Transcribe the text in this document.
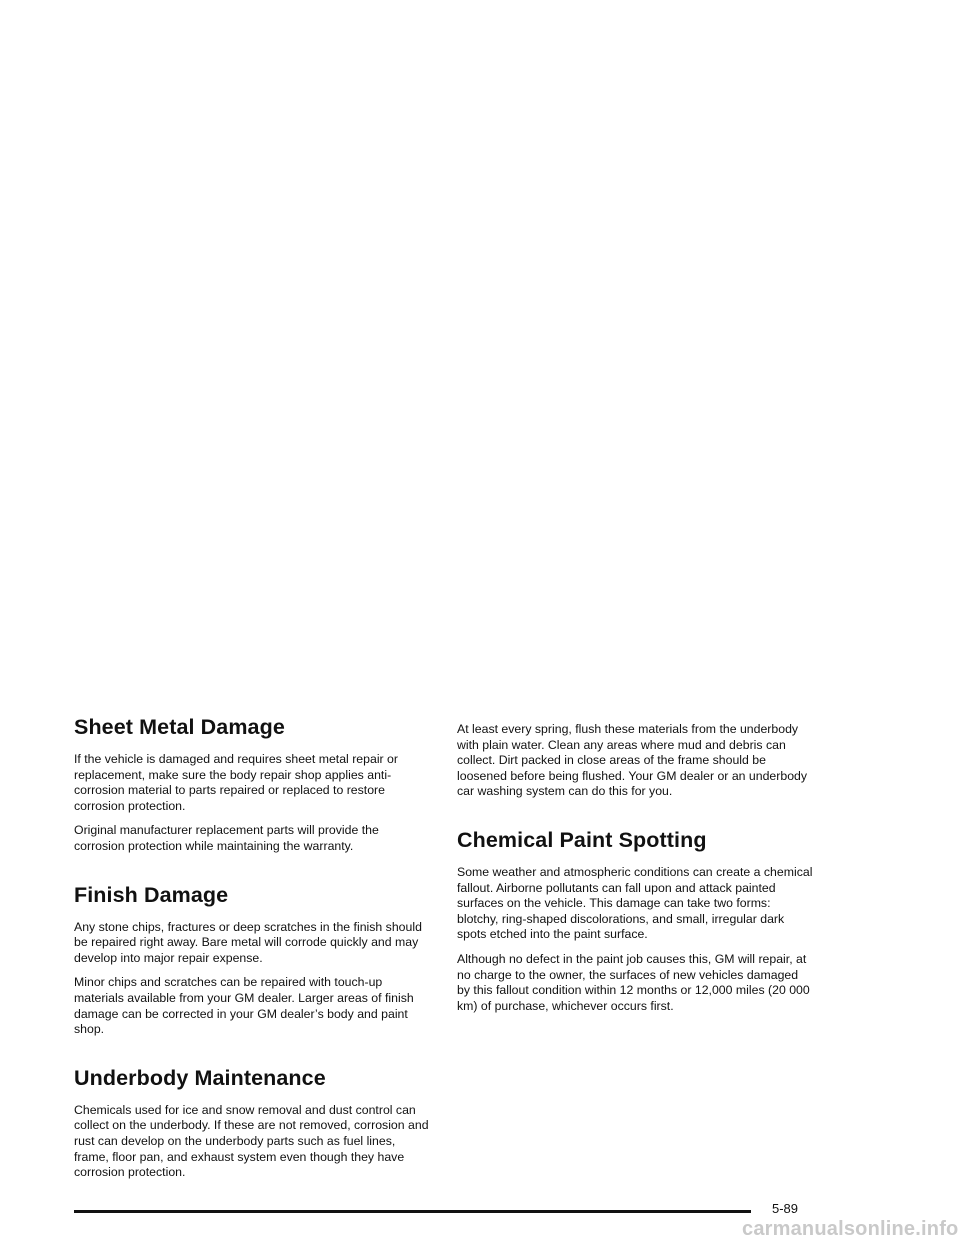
Sheet Metal Damage

If the vehicle is damaged and requires sheet metal repair or replacement, make sure the body repair shop applies anti-corrosion material to parts repaired or replaced to restore corrosion protection.

Original manufacturer replacement parts will provide the corrosion protection while maintaining the warranty.

Finish Damage

Any stone chips, fractures or deep scratches in the finish should be repaired right away. Bare metal will corrode quickly and may develop into major repair expense.

Minor chips and scratches can be repaired with touch-up materials available from your GM dealer. Larger areas of finish damage can be corrected in your GM dealer’s body and paint shop.

Underbody Maintenance

Chemicals used for ice and snow removal and dust control can collect on the underbody. If these are not removed, corrosion and rust can develop on the underbody parts such as fuel lines, frame, floor pan, and exhaust system even though they have corrosion protection.

At least every spring, flush these materials from the underbody with plain water. Clean any areas where mud and debris can collect. Dirt packed in close areas of the frame should be loosened before being flushed. Your GM dealer or an underbody car washing system can do this for you.

Chemical Paint Spotting

Some weather and atmospheric conditions can create a chemical fallout. Airborne pollutants can fall upon and attack painted surfaces on the vehicle. This damage can take two forms: blotchy, ring-shaped discolorations, and small, irregular dark spots etched into the paint surface.

Although no defect in the paint job causes this, GM will repair, at no charge to the owner, the surfaces of new vehicles damaged by this fallout condition within 12 months or 12,000 miles (20 000 km) of purchase, whichever occurs first.

5-89
carmanualsonline.info
